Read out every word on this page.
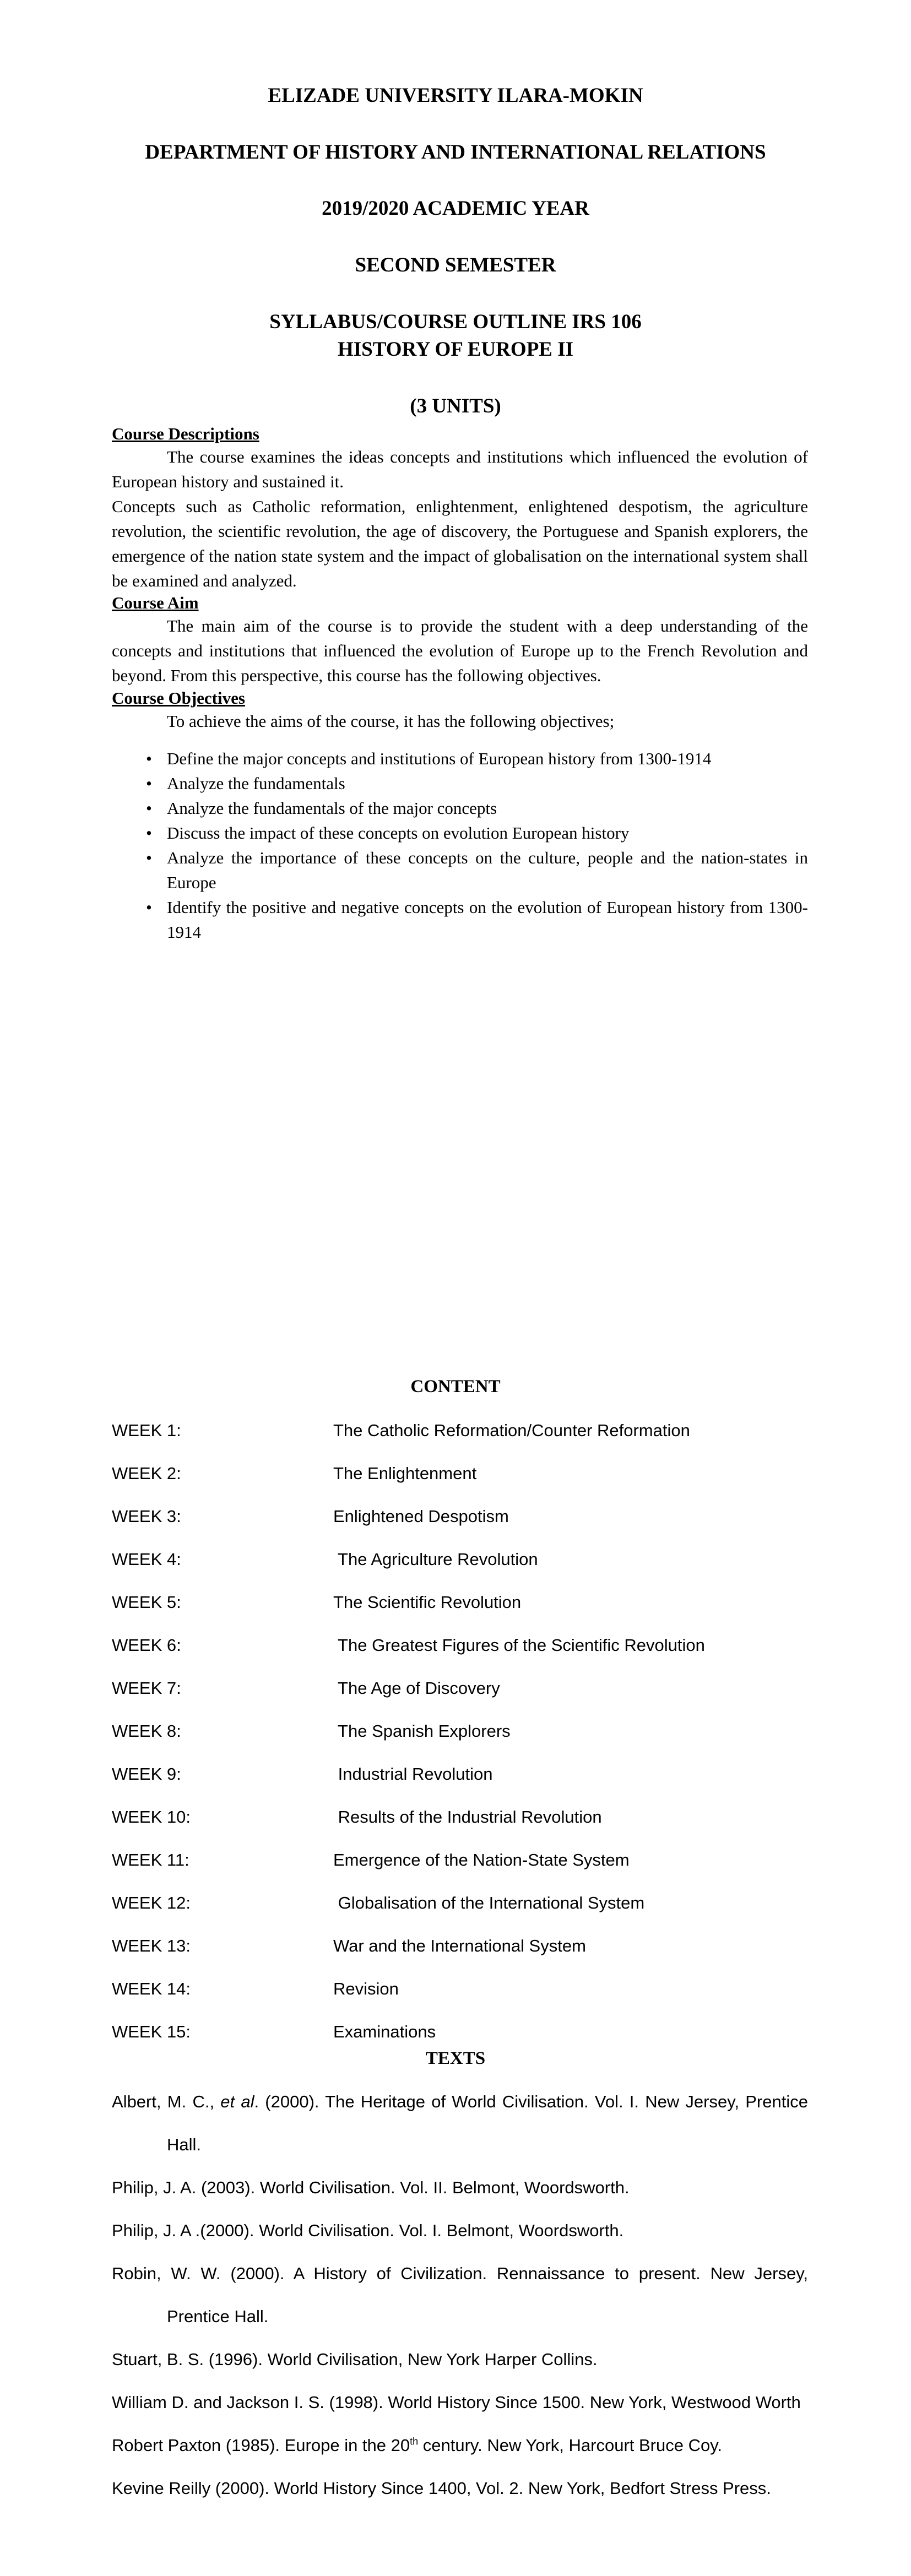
ELIZADE UNIVERSITY ILARA-MOKIN
DEPARTMENT OF HISTORY AND INTERNATIONAL RELATIONS
2019/2020 ACADEMIC YEAR
SECOND SEMESTER
SYLLABUS/COURSE OUTLINE IRS 106
HISTORY OF EUROPE II
(3 UNITS)

Course Descriptions

The course examines the ideas concepts and institutions which influenced the evolution of European history and sustained it.

Concepts such as Catholic reformation, enlightenment, enlightened despotism, the agriculture revolution, the scientific revolution, the age of discovery, the Portuguese and Spanish explorers, the emergence of the nation state system and the impact of globalisation on the international system shall be examined and analyzed.

Course Aim

The main aim of the course is to provide the student with a deep understanding of the concepts and institutions that influenced the evolution of Europe up to the French Revolution and beyond. From this perspective, this course has the following objectives.

Course Objectives

To achieve the aims of the course, it has the following objectives;

• Define the major concepts and institutions of European history from 1300-1914
• Analyze the fundamentals
• Analyze the fundamentals of the major concepts
• Discuss the impact of these concepts on evolution European history
• Analyze the importance of these concepts on the culture, people and the nation-states in Europe
• Identify the positive and negative concepts on the evolution of European history from 1300-1914
CONTENT
WEEK 1:	The Catholic Reformation/Counter Reformation
WEEK 2:	The Enlightenment
WEEK 3:	Enlightened Despotism
WEEK 4:	The Agriculture Revolution
WEEK 5:	The Scientific Revolution
WEEK 6:	The Greatest Figures of the Scientific Revolution
WEEK 7:	The Age of Discovery
WEEK 8:	The Spanish Explorers
WEEK 9:	Industrial Revolution
WEEK 10:	Results of the Industrial Revolution
WEEK 11:	Emergence of the Nation-State System
WEEK 12:	Globalisation of the International System
WEEK 13:	War and the International System
WEEK 14:	Revision
WEEK 15:	Examinations
TEXTS

Albert, M. C., et al. (2000). The Heritage of World Civilisation. Vol. I. New Jersey, Prentice Hall.

Philip, J. A. (2003). World Civilisation. Vol. II. Belmont, Woordsworth.

Philip, J. A .(2000). World Civilisation. Vol. I. Belmont, Woordsworth.

Robin, W. W. (2000). A History of Civilization. Rennaissance to present. New Jersey, Prentice Hall.

Stuart, B. S. (1996). World Civilisation, New York Harper Collins.

William D. and Jackson I. S. (1998). World History Since 1500. New York, Westwood Worth

Robert Paxton (1985). Europe in the 20th century. New York, Harcourt Bruce Coy.

Kevine Reilly (2000). World History Since 1400, Vol. 2. New York, Bedfort Stress Press.
